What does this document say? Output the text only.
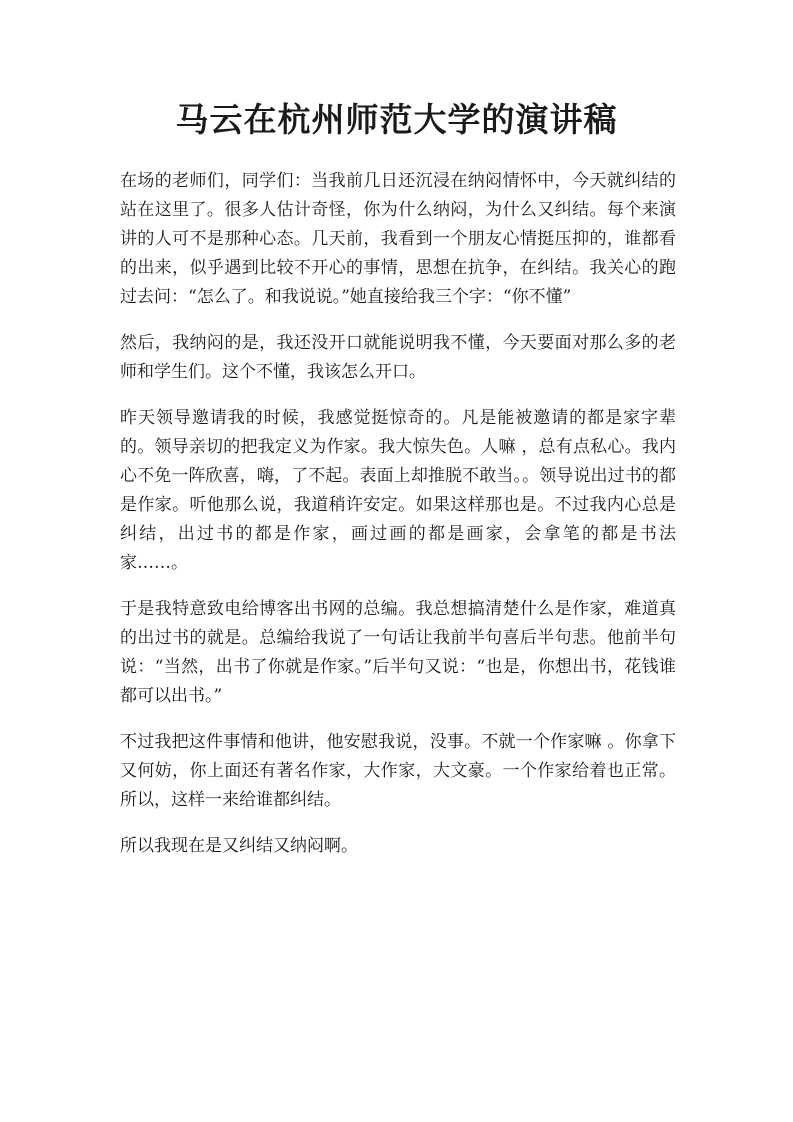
马云在杭州师范大学的演讲稿

在场的老师们，同学们：当我前几日还沉浸在纳闷情怀中，今天就纠结的站在这里了。很多人估计奇怪，你为什么纳闷，为什么又纠结。每个来演讲的人可不是那种心态。几天前，我看到一个朋友心情挺压抑的，谁都看的出来，似乎遇到比较不开心的事情，思想在抗争，在纠结。我关心的跑过去问：“怎么了。和我说说。”她直接给我三个字：“你不懂”

然后，我纳闷的是，我还没开口就能说明我不懂，今天要面对那么多的老师和学生们。这个不懂，我该怎么开口。

昨天领导邀请我的时候，我感觉挺惊奇的。凡是能被邀请的都是家字辈的。领导亲切的把我定义为作家。我大惊失色。人嘛 ，总有点私心。我内心不免一阵欣喜，嗨，了不起。表面上却推脱不敢当。。领导说出过书的都是作家。听他那么说，我道稍许安定。如果这样那也是。不过我内心总是纠结，出过书的都是作家，画过画的都是画家，会拿笔的都是书法家……。

于是我特意致电给博客出书网的总编。我总想搞清楚什么是作家，难道真的出过书的就是。总编给我说了一句话让我前半句喜后半句悲。他前半句说：“当然，出书了你就是作家。”后半句又说：“也是，你想出书，花钱谁都可以出书。”

不过我把这件事情和他讲，他安慰我说，没事。不就一个作家嘛 。你拿下又何妨，你上面还有著名作家，大作家，大文豪。一个作家给着也正常。所以，这样一来给谁都纠结。

所以我现在是又纠结又纳闷啊。
